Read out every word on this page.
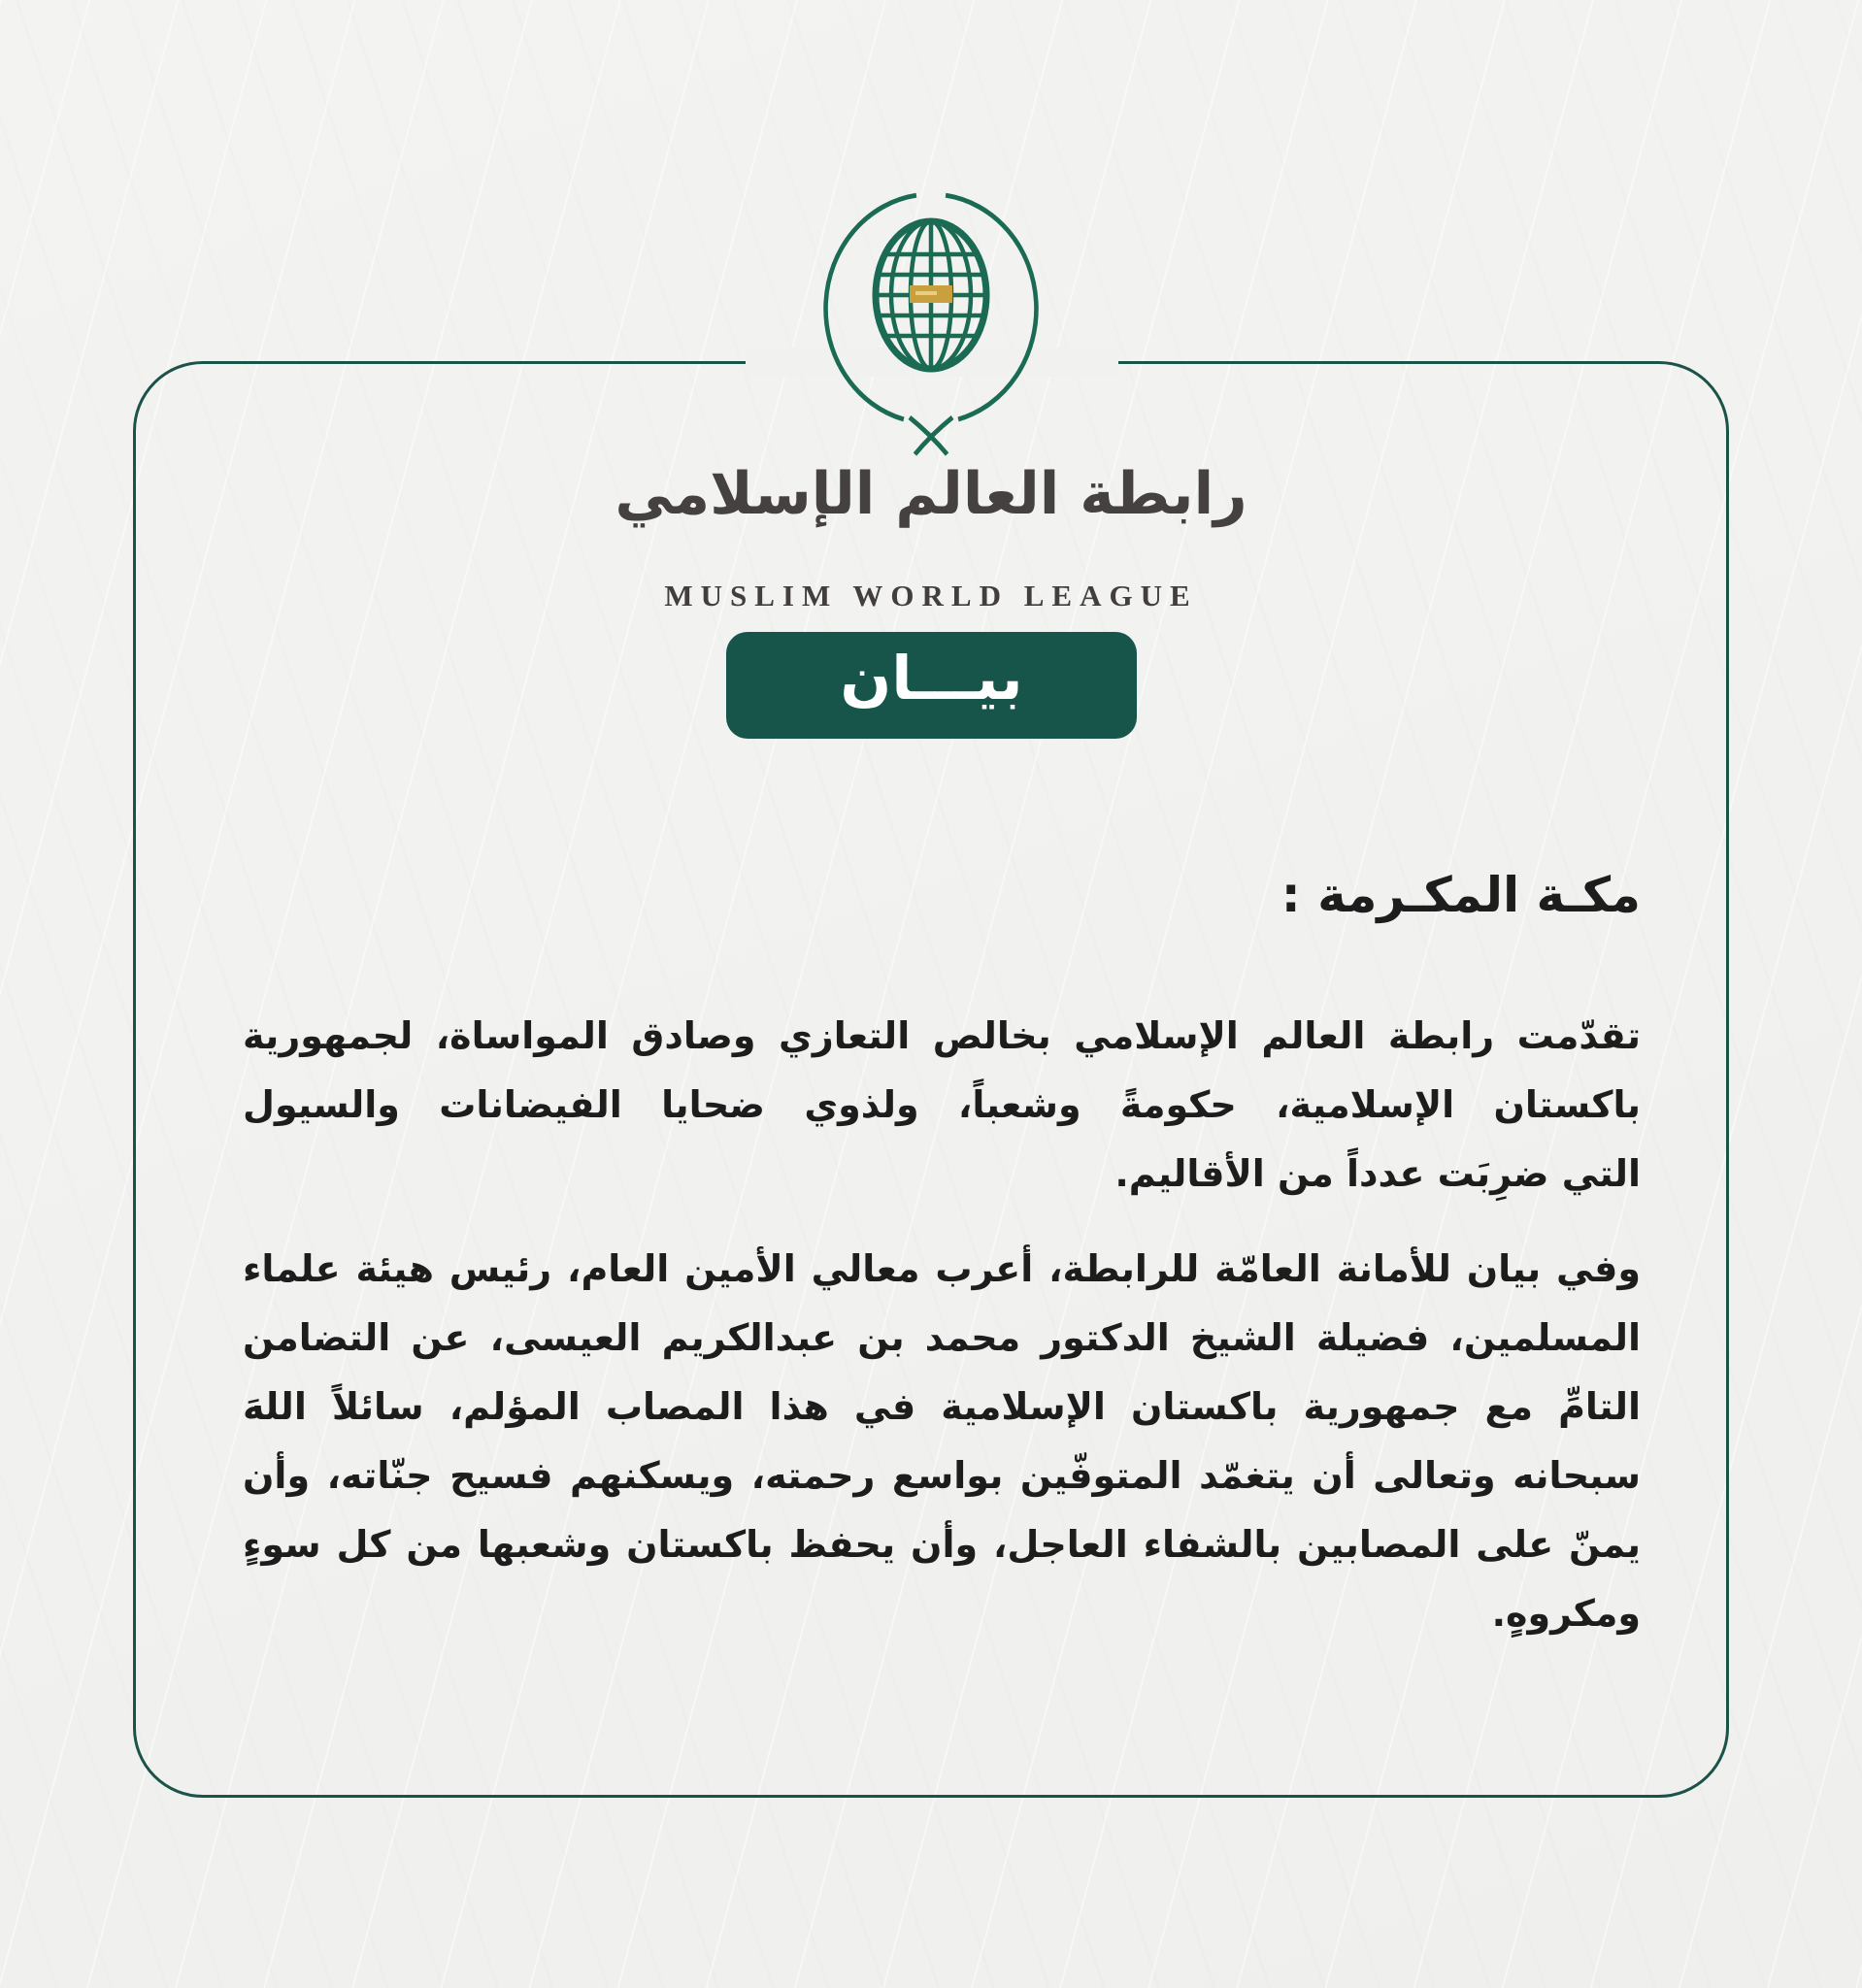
رابطة العالم الإسلامي
MUSLIM WORLD LEAGUE
بيـــان
مكـة المكـرمة :
تقدّمت رابطة العالم الإسلامي بخالص التعازي وصادق المواساة، لجمهورية
باكستان الإسلامية، حكومةً وشعباً، ولذوي ضحايا الفيضانات والسيول
التي ضرِبَت عدداً من الأقاليم.
وفي بيان للأمانة العامّة للرابطة، أعرب معالي الأمين العام، رئيس هيئة علماء
المسلمين، فضيلة الشيخ الدكتور محمد بن عبدالكريم العيسى، عن التضامن
التامِّ مع جمهورية باكستان الإسلامية في هذا المصاب المؤلم، سائلاً اللهَ
سبحانه وتعالى أن يتغمّد المتوفّين بواسع رحمته، ويسكنهم فسيح جنّاته، وأن
يمنّ على المصابين بالشفاء العاجل، وأن يحفظ باكستان وشعبها من كل سوءٍ
ومكروهٍ.
